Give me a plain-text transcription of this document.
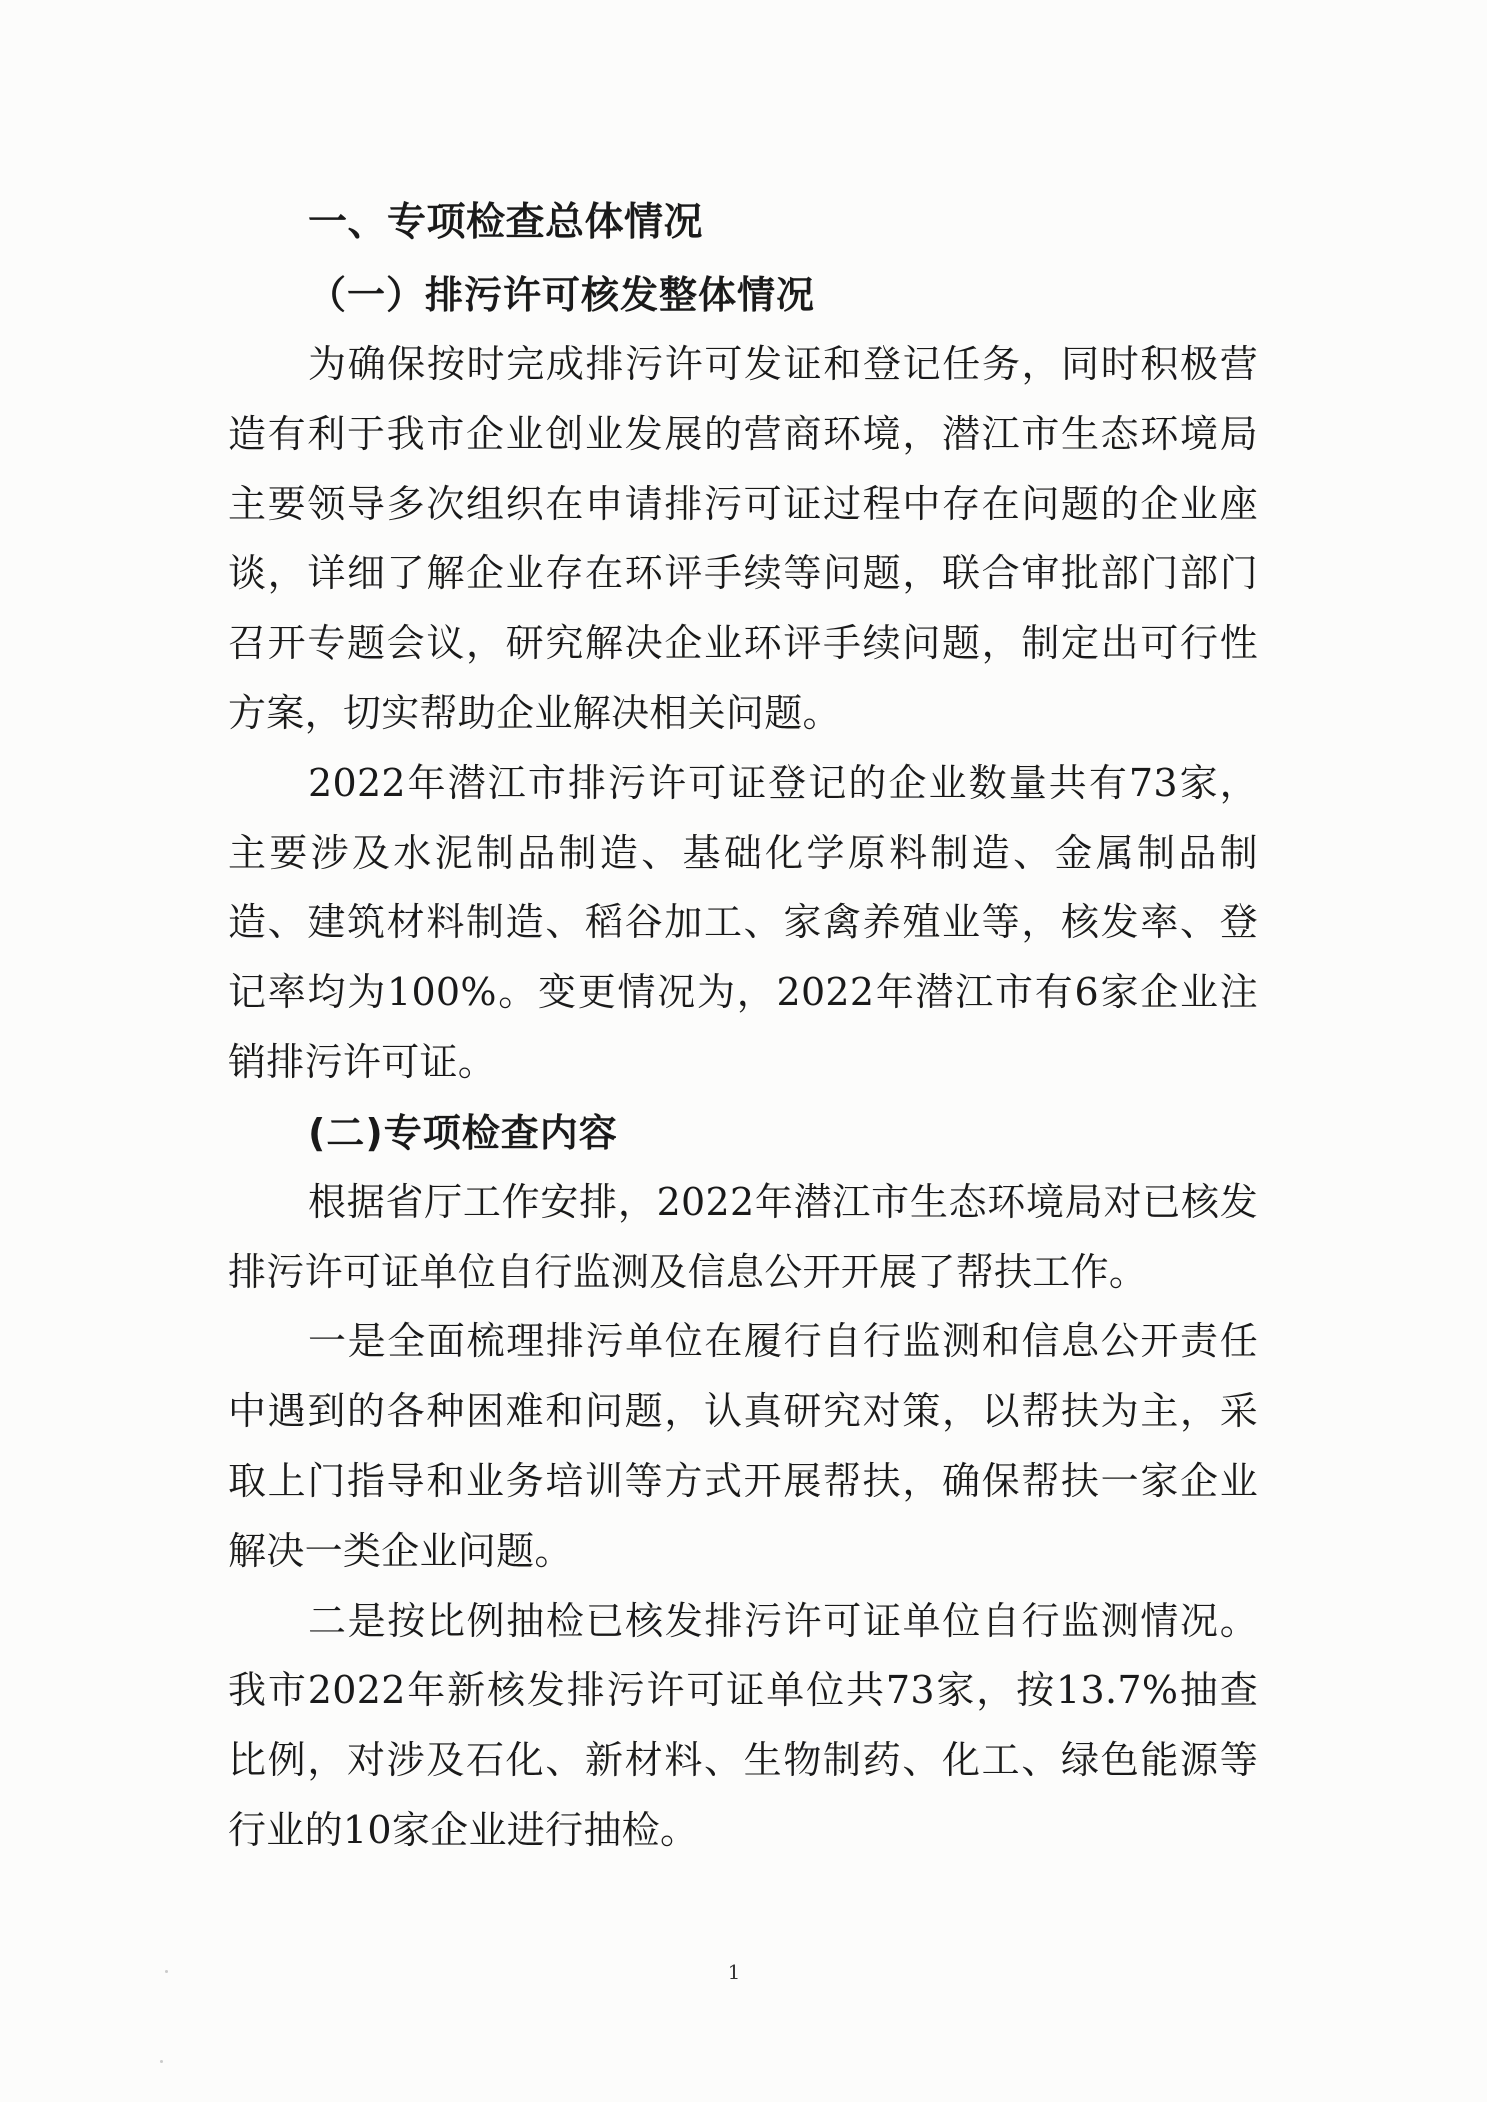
一、专项检查总体情况
（一）排污许可核发整体情况

为确保按时完成排污许可发证和登记任务，同时积极营造有利于我市企业创业发展的营商环境，潜江市生态环境局主要领导多次组织在申请排污可证过程中存在问题的企业座谈，详细了解企业存在环评手续等问题，联合审批部门部门召开专题会议，研究解决企业环评手续问题，制定出可行性方案，切实帮助企业解决相关问题。

2022年潜江市排污许可证登记的企业数量共有73家，主要涉及水泥制品制造、基础化学原料制造、金属制品制造、建筑材料制造、稻谷加工、家禽养殖业等，核发率、登记率均为100%。变更情况为，2022年潜江市有6家企业注销排污许可证。

(二)专项检查内容

根据省厅工作安排，2022年潜江市生态环境局对已核发排污许可证单位自行监测及信息公开开展了帮扶工作。

一是全面梳理排污单位在履行自行监测和信息公开责任中遇到的各种困难和问题，认真研究对策，以帮扶为主，采取上门指导和业务培训等方式开展帮扶，确保帮扶一家企业解决一类企业问题。

二是按比例抽检已核发排污许可证单位自行监测情况。我市2022年新核发排污许可证单位共73家，按13.7%抽查比例，对涉及石化、新材料、生物制药、化工、绿色能源等行业的10家企业进行抽检。

1
